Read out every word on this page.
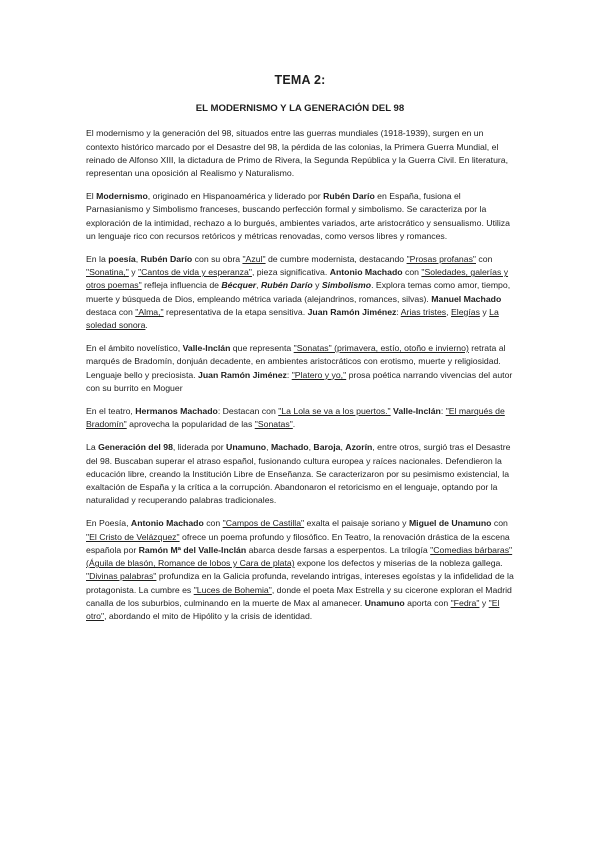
TEMA 2:
EL MODERNISMO Y LA GENERACIÓN DEL 98

El modernismo y la generación del 98, situados entre las guerras mundiales (1918-1939), surgen en un contexto histórico marcado por el Desastre del 98, la pérdida de las colonias, la Primera Guerra Mundial, el reinado de Alfonso XIII, la dictadura de Primo de Rivera, la Segunda República y la Guerra Civil. En literatura, representan una oposición al Realismo y Naturalismo.

El Modernismo, originado en Hispanoamérica y liderado por Rubén Darío en España, fusiona el Parnasianismo y Simbolismo franceses, buscando perfección formal y simbolismo. Se caracteriza por la exploración de la intimidad, rechazo a lo burgués, ambientes variados, arte aristocrático y sensualismo. Utiliza un lenguaje rico con recursos retóricos y métricas renovadas, como versos libres y romances.

En la poesía, Rubén Darío con su obra "Azul" de cumbre modernista, destacando "Prosas profanas" con "Sonatina," y "Cantos de vida y esperanza", pieza significativa. Antonio Machado con "Soledades, galerías y otros poemas" refleja influencia de Bécquer, Rubén Darío y Simbolismo. Explora temas como amor, tiempo, muerte y búsqueda de Dios, empleando métrica variada (alejandrinos, romances, silvas). Manuel Machado destaca con "Alma," representativa de la etapa sensitiva. Juan Ramón Jiménez: Arias tristes, Elegías y La soledad sonora.

En el ámbito novelístico, Valle-Inclán que representa "Sonatas" (primavera, estío, otoño e invierno) retrata al marqués de Bradomín, donjuán decadente, en ambientes aristocráticos con erotismo, muerte y religiosidad. Lenguaje bello y preciosista. Juan Ramón Jiménez: "Platero y yo," prosa poética narrando vivencias del autor con su burrito en Moguer

En el teatro, Hermanos Machado: Destacan con "La Lola se va a los puertos." Valle-Inclán: "El marqués de Bradomín" aprovecha la popularidad de las "Sonatas".

La Generación del 98, liderada por Unamuno, Machado, Baroja, Azorín, entre otros, surgió tras el Desastre del 98. Buscaban superar el atraso español, fusionando cultura europea y raíces nacionales. Defendieron la educación libre, creando la Institución Libre de Enseñanza. Se caracterizaron por su pesimismo existencial, la exaltación de España y la crítica a la corrupción. Abandonaron el retoricismo en el lenguaje, optando por la naturalidad y recuperando palabras tradicionales.

En Poesía, Antonio Machado con "Campos de Castilla" exalta el paisaje soriano y Miguel de Unamuno con "El Cristo de Velázquez" ofrece un poema profundo y filosófico. En Teatro, la renovación drástica de la escena española por Ramón Mª del Valle-Inclán abarca desde farsas a esperpentos. La trilogía "Comedias bárbaras" (Águila de blasón, Romance de lobos y Cara de plata) expone los defectos y miserias de la nobleza gallega. "Divinas palabras" profundiza en la Galicia profunda, revelando intrigas, intereses egoístas y la infidelidad de la protagonista. La cumbre es "Luces de Bohemia", donde el poeta Max Estrella y su cicerone exploran el Madrid canalla de los suburbios, culminando en la muerte de Max al amanecer. Unamuno aporta con "Fedra" y "El otro", abordando el mito de Hipólito y la crisis de identidad.
